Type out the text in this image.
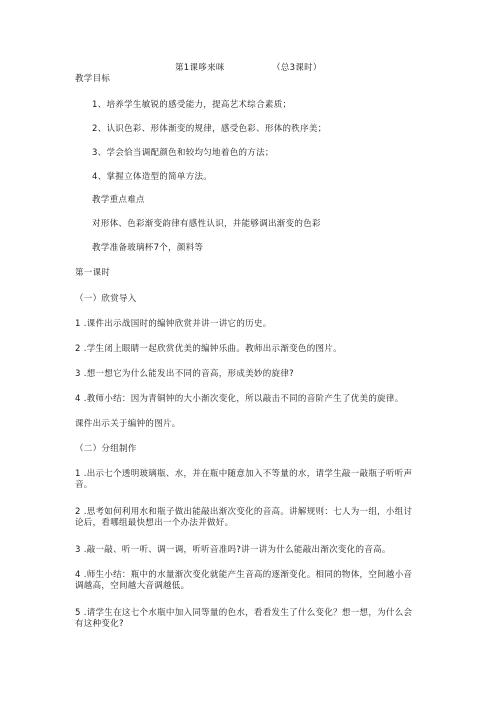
第1课哆来咪	（总3课时）
教学目标
1、培养学生敏锐的感受能力，提高艺术综合素质；
2、认识色彩、形体渐变的规律，感受色彩、形体的秩序美；
3、学会恰当调配颜色和较均匀地着色的方法；
4、掌握立体造型的简单方法。
教学重点难点
对形体、色彩渐变韵律有感性认识，并能够调出渐变的色彩
教学准备玻璃杯7个，颜料等
第一课时
（一）欣赏导入
1 .课件出示战国时的编钟欣赏并讲一讲它的历史。
2 .学生闭上眼睛一起欣赏优美的编钟乐曲。教师出示渐变色的图片。
3 .想一想它为什么能发出不同的音高，形成美妙的旋律?
4 .教师小结：因为青铜钟的大小渐次变化，所以敲击不同的音阶产生了优美的旋律。
课件出示关于编钟的图片。
（二）分组制作
1 .出示七个透明玻璃瓶、水，并在瓶中随意加入不等量的水，请学生敲一敲瓶子听听声音。
2 .思考如何利用水和瓶子做出能敲出渐次变化的音高。讲解规则：七人为一组，小组讨论后，看哪组最快想出一个办法并做好。
3 .敲一敲、听一听、调一调，听听音准吗?讲一讲为什么能敲出渐次变化的音高。
4 .师生小结：瓶中的水量渐次变化就能产生音高的逐渐变化。相同的物体，空间越小音调越高，空间越大音调越低。
5 .请学生在这七个水瓶中加入同等量的色水，看看发生了什么变化？想一想，为什么会有这种变化?
